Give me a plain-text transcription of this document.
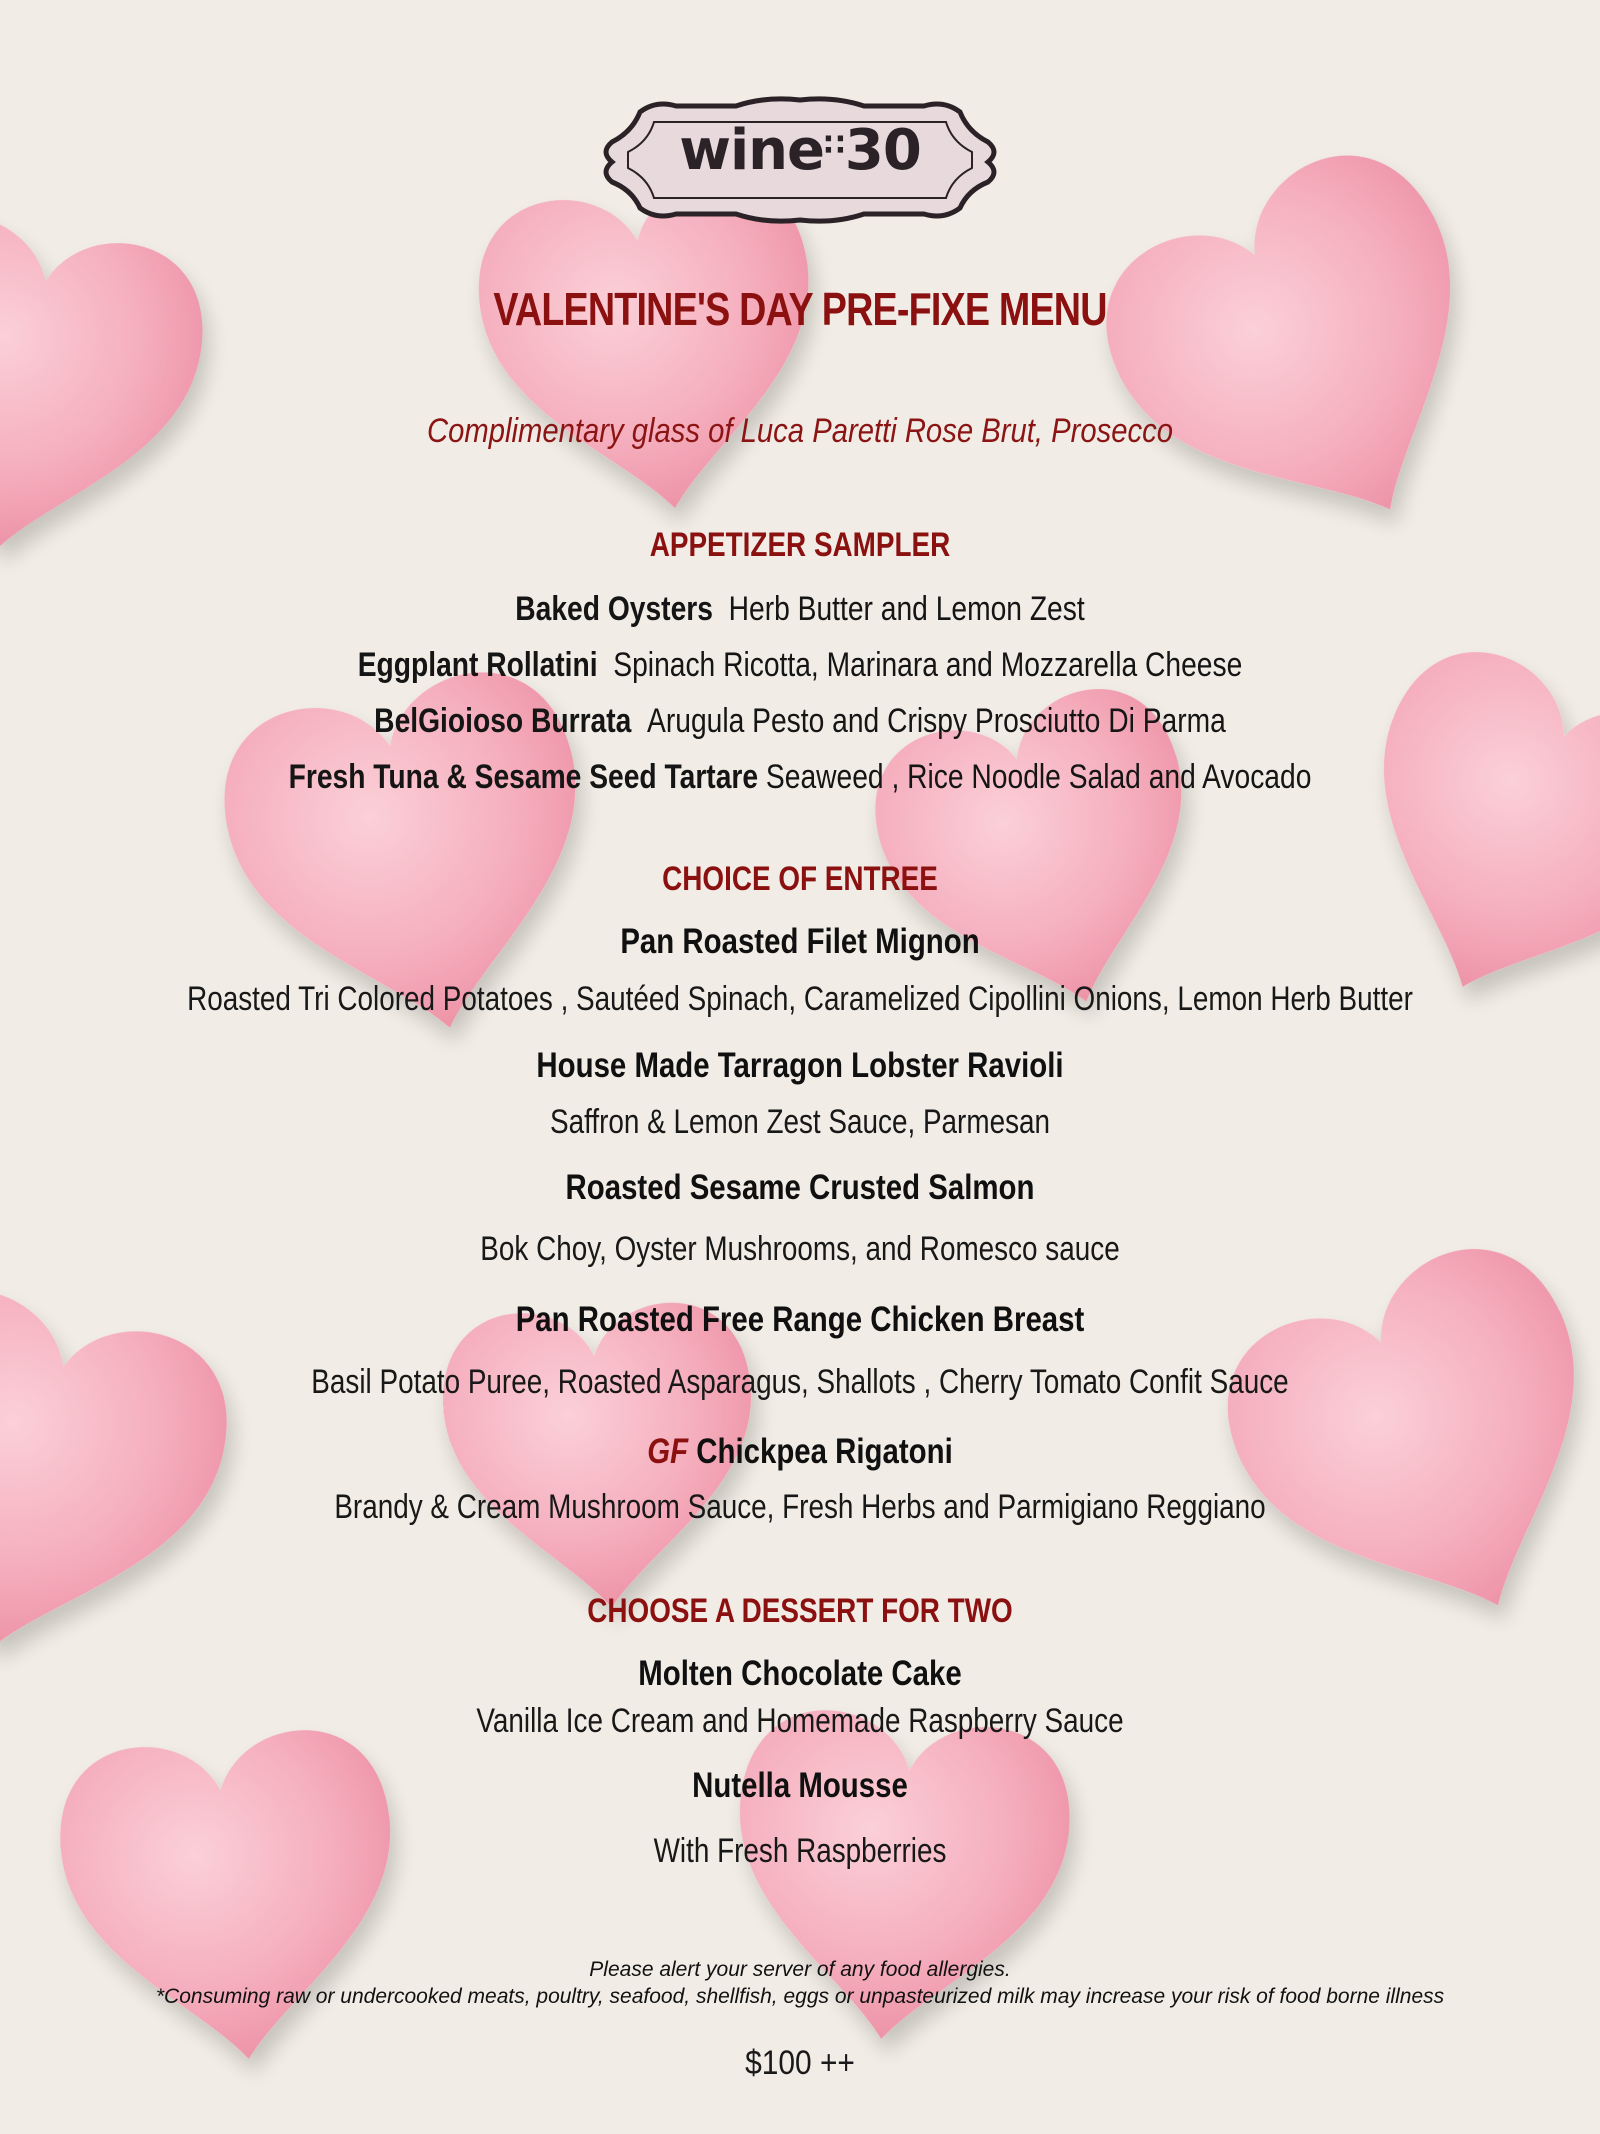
wine∷30
VALENTINE'S DAY PRE-FIXE MENU
Complimentary glass of Luca Paretti Rose Brut, Prosecco
APPETIZER SAMPLER
Baked Oysters Herb Butter and Lemon Zest
Eggplant Rollatini Spinach Ricotta, Marinara and Mozzarella Cheese
BelGioioso Burrata Arugula Pesto and Crispy Prosciutto Di Parma
Fresh Tuna & Sesame Seed Tartare Seaweed , Rice Noodle Salad and Avocado
CHOICE OF ENTREE
Pan Roasted Filet Mignon
Roasted Tri Colored Potatoes , Sautéed Spinach, Caramelized Cipollini Onions, Lemon Herb Butter
House Made Tarragon Lobster Ravioli
Saffron & Lemon Zest Sauce, Parmesan
Roasted Sesame Crusted Salmon
Bok Choy, Oyster Mushrooms, and Romesco sauce
Pan Roasted Free Range Chicken Breast
Basil Potato Puree, Roasted Asparagus, Shallots , Cherry Tomato Confit Sauce
GF Chickpea Rigatoni
Brandy & Cream Mushroom Sauce, Fresh Herbs and Parmigiano Reggiano
CHOOSE A DESSERT FOR TWO
Molten Chocolate Cake
Vanilla Ice Cream and Homemade Raspberry Sauce
Nutella Mousse
With Fresh Raspberries
Please alert your server of any food allergies.
*Consuming raw or undercooked meats, poultry, seafood, shellfish, eggs or unpasteurized milk may increase your risk of food borne illness
$100 ++
